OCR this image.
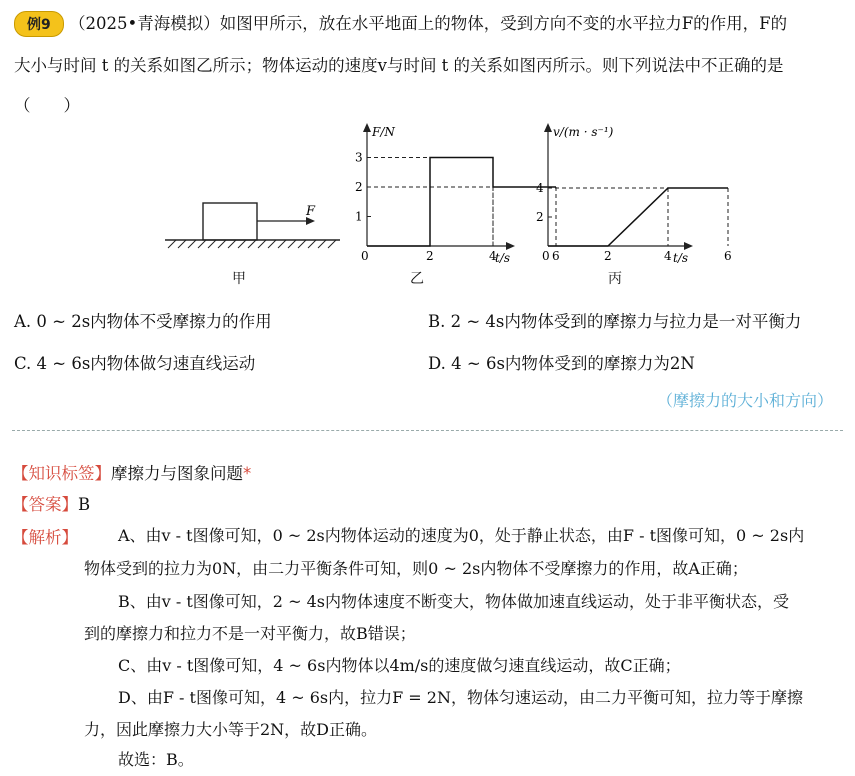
例9 （2025•青海模拟）如图甲所示，放在水平地面上的物体，受到方向不变的水平拉力F的作用，F的
大小与时间 t 的关系如图乙所示；物体运动的速度v与时间 t 的关系如图丙所示。则下列说法中不正确的是
（　　）
F
甲
F/N
t/s
1
2
3
0	2	4	6
乙
v/(m · s⁻¹)
t/s
2
4
0	2	4	6
丙
A. 0 ~ 2s内物体不受摩擦力的作用	B. 2 ~ 4s内物体受到的摩擦力与拉力是一对平衡力
C. 4 ~ 6s内物体做匀速直线运动	D. 4 ~ 6s内物体受到的摩擦力为2N
（摩擦力的大小和方向）
【知识标签】摩擦力与图象问题*
【答案】B
【解析】	A、由v - t图像可知，0 ~ 2s内物体运动的速度为0，处于静止状态，由F - t图像可知，0 ~ 2s内
物体受到的拉力为0N，由二力平衡条件可知，则0 ~ 2s内物体不受摩擦力的作用，故A正确；
B、由v - t图像可知，2 ~ 4s内物体速度不断变大，物体做加速直线运动，处于非平衡状态，受
到的摩擦力和拉力不是一对平衡力，故B错误；
C、由v - t图像可知，4 ~ 6s内物体以4m/s的速度做匀速直线运动，故C正确；
D、由F - t图像可知，4 ~ 6s内，拉力F = 2N，物体匀速运动，由二力平衡可知，拉力等于摩擦
力，因此摩擦力大小等于2N，故D正确。
故选：B。
